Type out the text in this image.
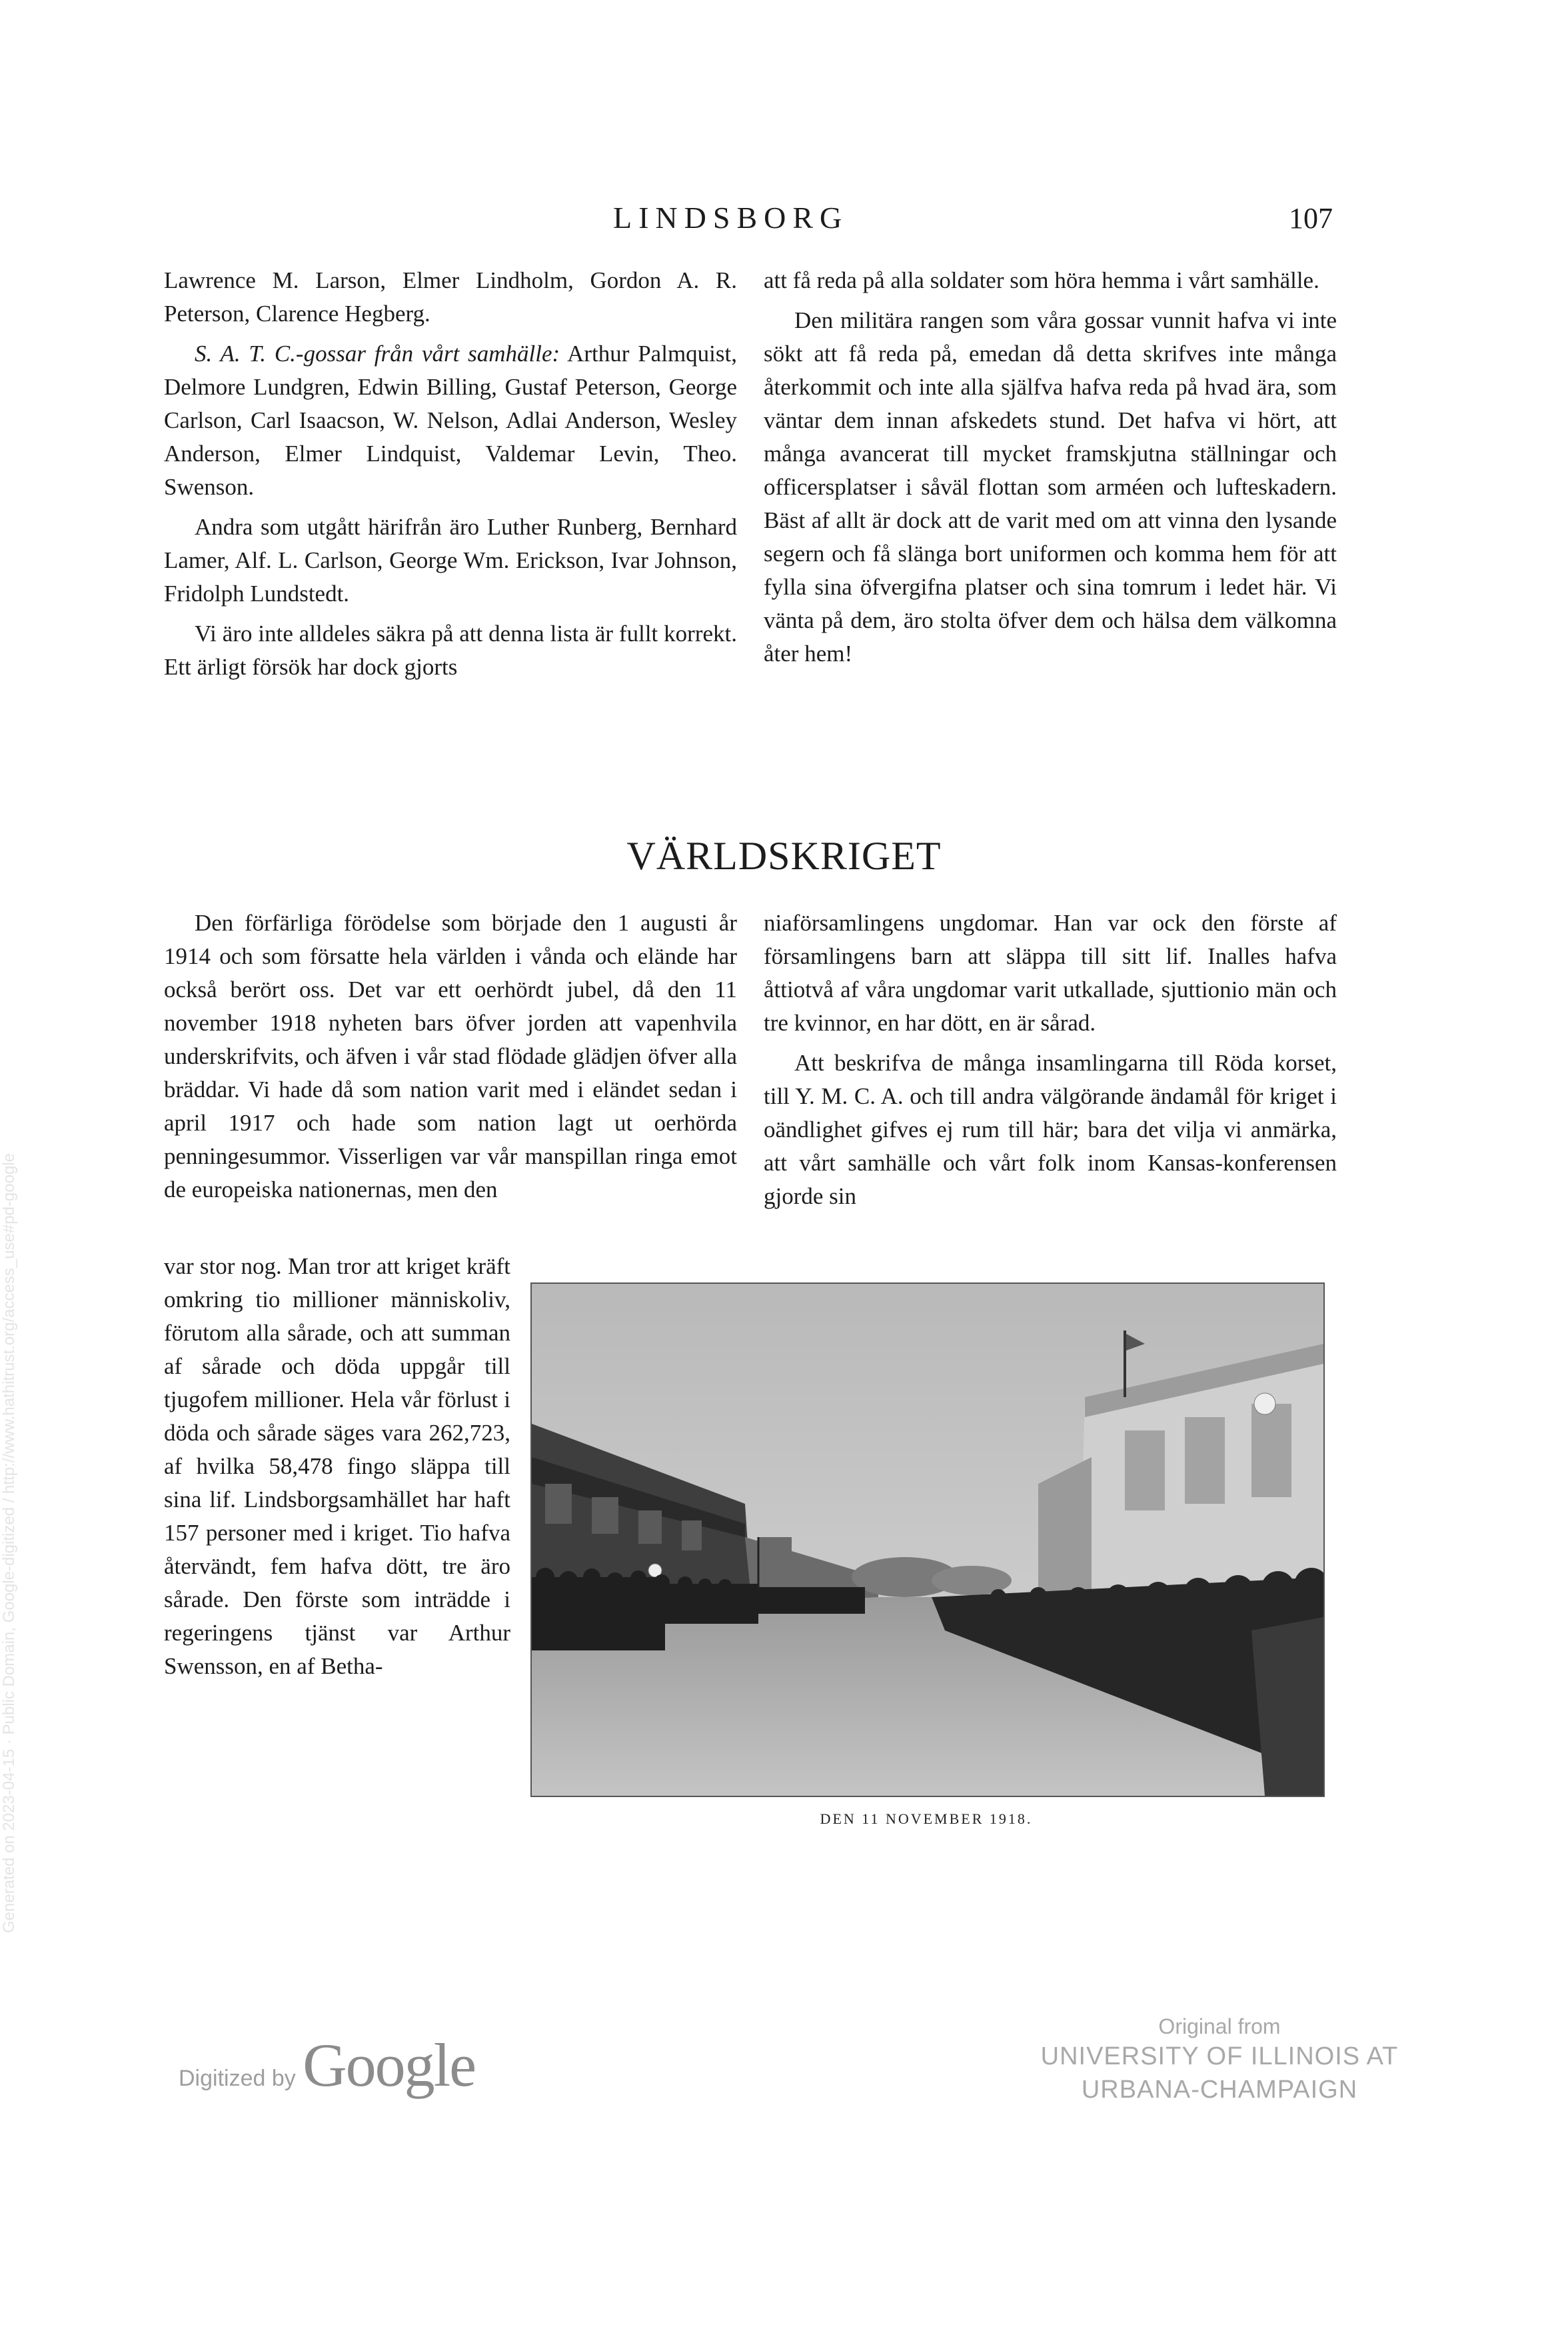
Generated on 2023-04-15 · Public Domain, Google-digitized / http://www.hathitrust.org/access_use#pd-google
LINDSBORG	107

Lawrence M. Larson, Elmer Lindholm, Gordon A. R. Peterson, Clarence Hegberg.

S. A. T. C.-gossar från vårt samhälle: Arthur Palmquist, Delmore Lundgren, Edwin Billing, Gustaf Peterson, George Carlson, Carl Isaacson, W. Nelson, Adlai Anderson, Wesley Anderson, Elmer Lindquist, Valdemar Levin, Theo. Swenson.

Andra som utgått härifrån äro Luther Runberg, Bernhard Lamer, Alf. L. Carlson, George Wm. Erickson, Ivar Johnson, Fridolph Lundstedt.

Vi äro inte alldeles säkra på att denna lista är fullt korrekt. Ett ärligt försök har dock gjorts

att få reda på alla soldater som höra hemma i vårt samhälle.

Den militära rangen som våra gossar vunnit hafva vi inte sökt att få reda på, emedan då detta skrifves inte många återkommit och inte alla själfva hafva reda på hvad ära, som väntar dem innan afskedets stund. Det hafva vi hört, att många avancerat till mycket framskjutna ställningar och officersplatser i såväl flottan som arméen och lufteskadern. Bäst af allt är dock att de varit med om att vinna den lysande segern och få slänga bort uniformen och komma hem för att fylla sina öfvergifna platser och sina tomrum i ledet här. Vi vänta på dem, äro stolta öfver dem och hälsa dem välkomna åter hem!

VÄRLDSKRIGET

Den förfärliga förödelse som började den 1 augusti år 1914 och som försatte hela världen i vånda och elände har också berört oss. Det var ett oerhördt jubel, då den 11 november 1918 nyheten bars öfver jorden att vapenhvila underskrifvits, och äfven i vår stad flödade glädjen öfver alla bräddar. Vi hade då som nation varit med i eländet sedan i april 1917 och hade som nation lagt ut oerhörda penningesummor. Visserligen var vår manspillan ringa emot de europeiska nationernas, men den

var stor nog. Man tror att kriget kräft omkring tio millioner människoliv, förutom alla sårade, och att summan af sårade och döda uppgår till tjugofem millioner. Hela vår förlust i döda och sårade säges vara 262,723, af hvilka 58,478 fingo släppa till sina lif. Lindsborgsamhället har haft 157 personer med i kriget. Tio hafva återvändt, fem hafva dött, tre äro sårade. Den förste som inträdde i regeringens tjänst var Arthur Swensson, en af Betha-

niaförsamlingens ungdomar. Han var ock den förste af församlingens barn att släppa till sitt lif. Inalles hafva åttiotvå af våra ungdomar varit utkallade, sjuttionio män och tre kvinnor, en har dött, en är sårad.

Att beskrifva de många insamlingarna till Röda korset, till Y. M. C. A. och till andra välgörande ändamål för kriget i oändlighet gifves ej rum till här; bara det vilja vi anmärka, att vårt samhälle och vårt folk inom Kansas-konferensen gjorde sin

DEN 11 NOVEMBER 1918.
Digitized by Google
Original from
UNIVERSITY OF ILLINOIS AT
URBANA-CHAMPAIGN
